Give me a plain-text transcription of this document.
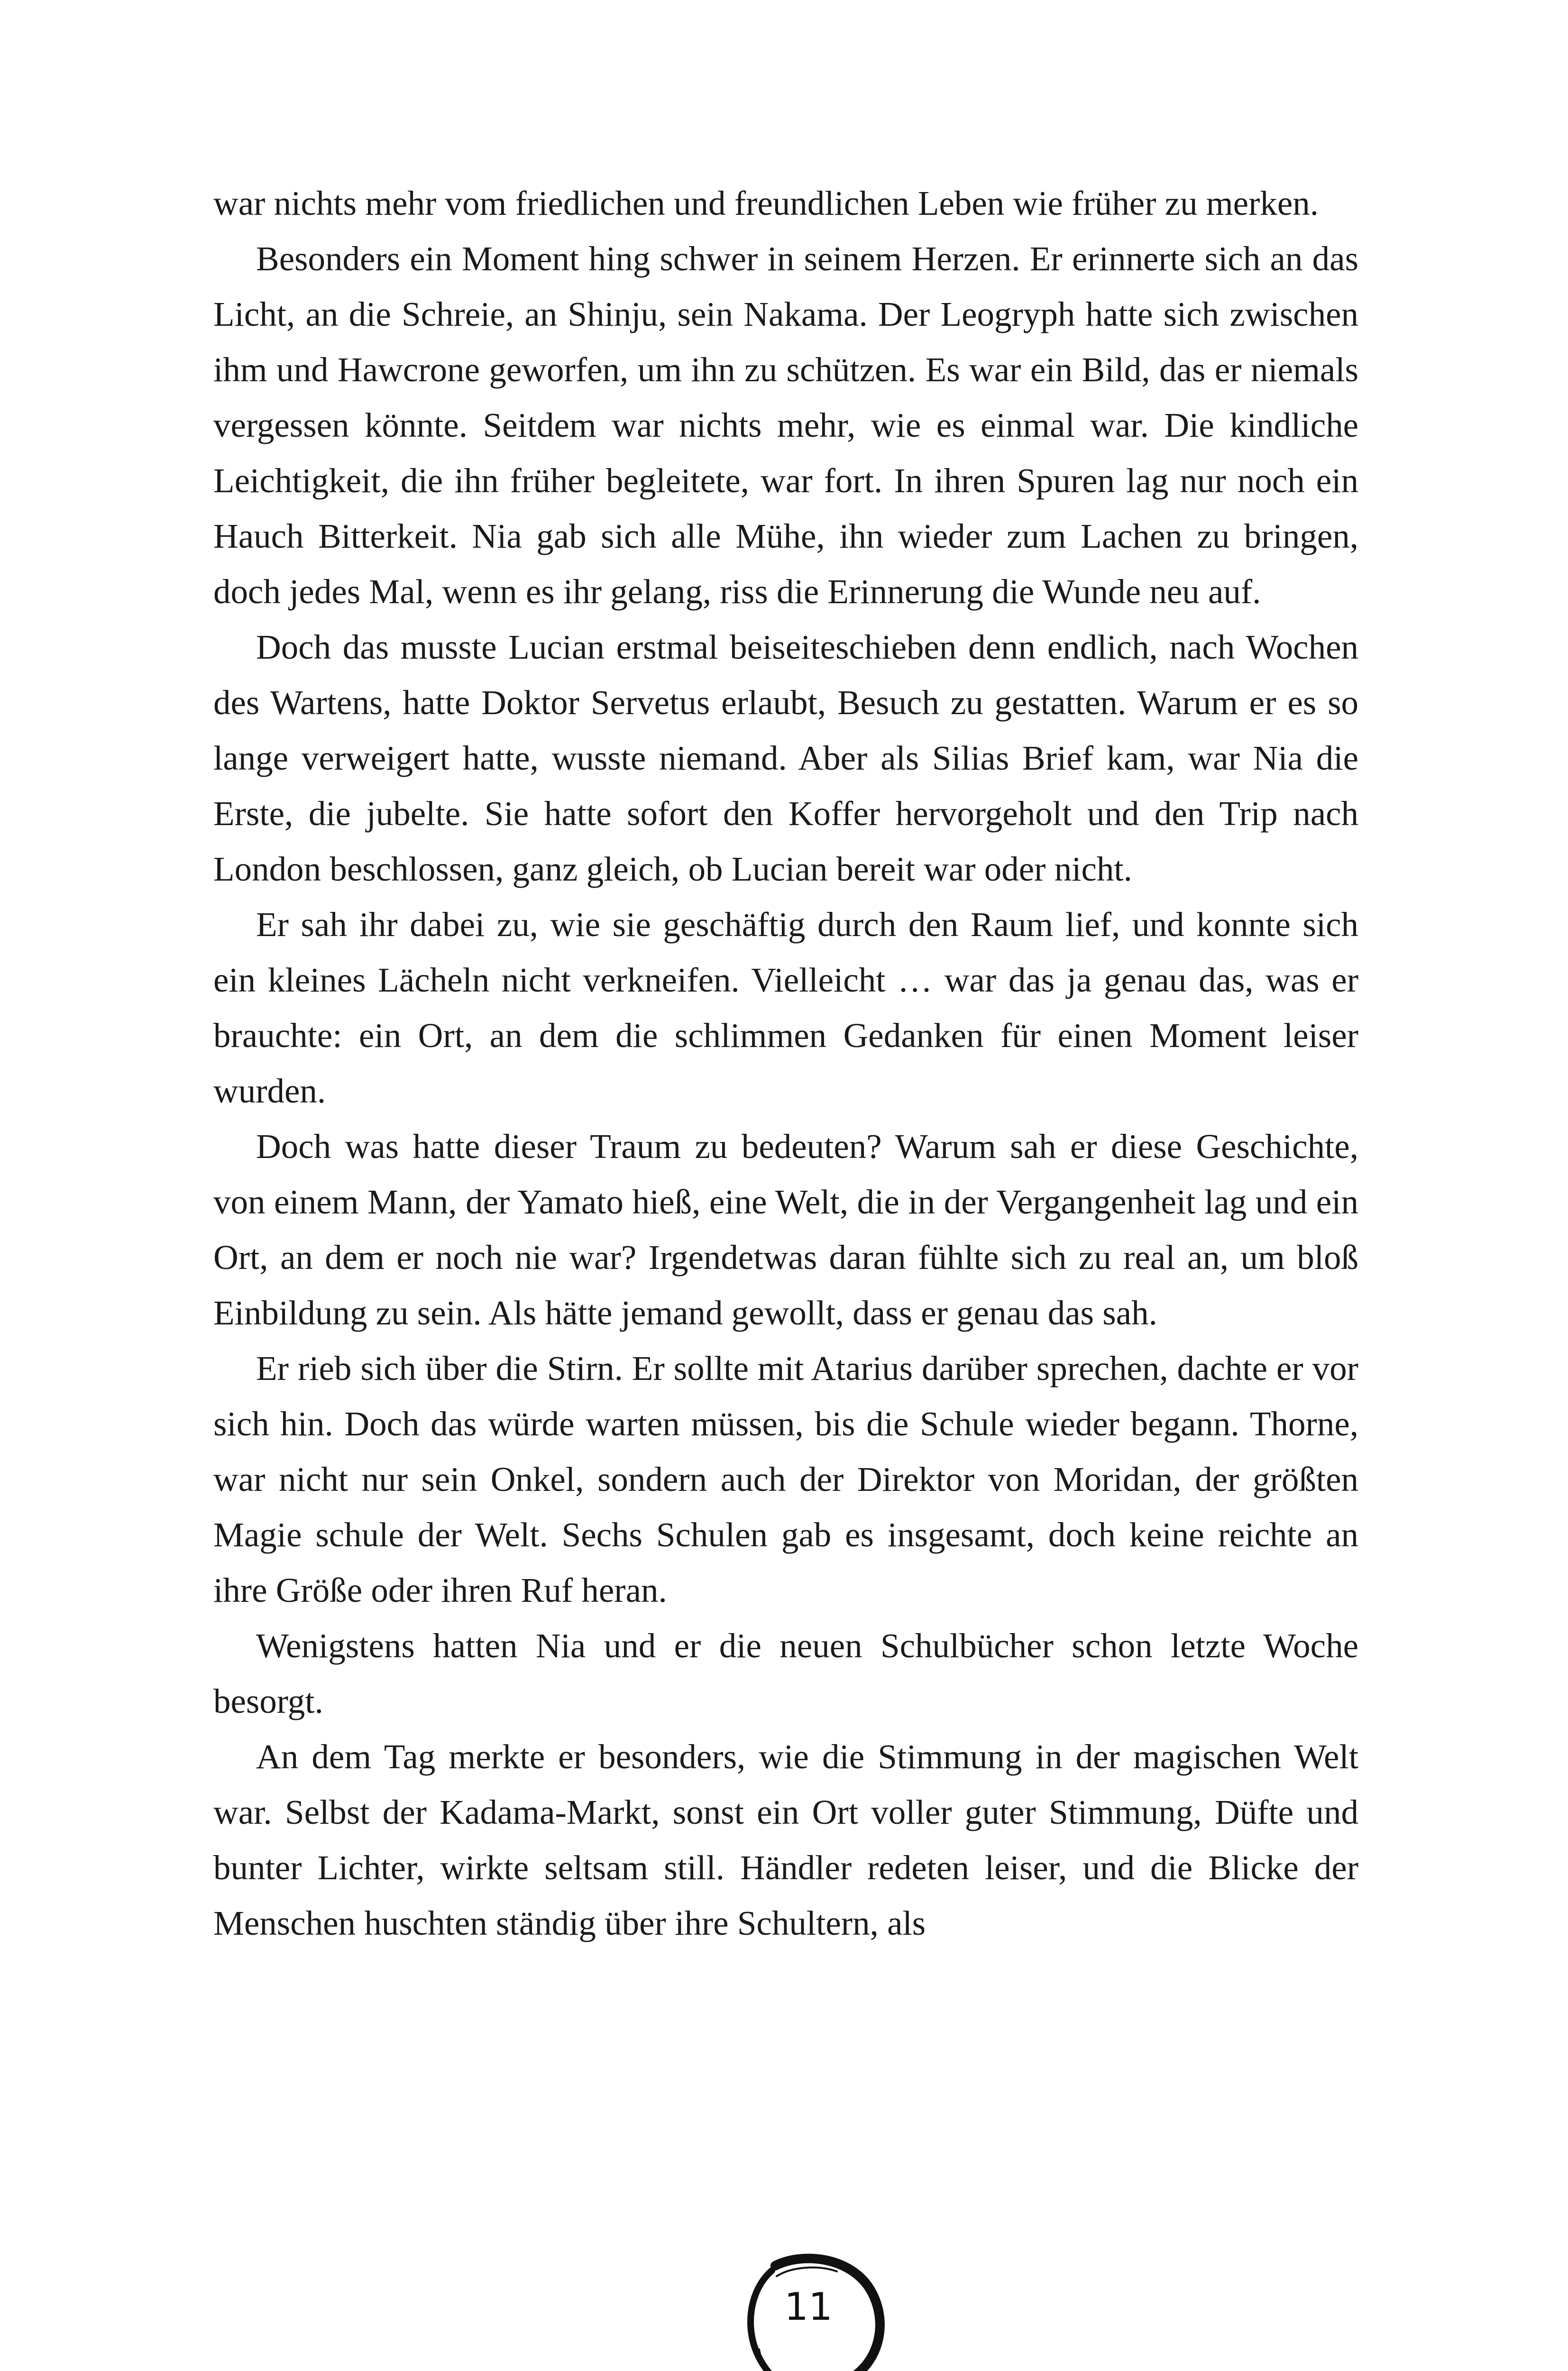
war nichts mehr vom friedlichen und freundlichen Leben wie früher zu merken.

Besonders ein Moment hing schwer in seinem Herzen. Er erinnerte sich an das Licht, an die Schreie, an Shinju, sein Nakama. Der Leogryph hatte sich zwischen ihm und Hawcrone geworfen, um ihn zu schützen. Es war ein Bild, das er niemals vergessen könnte. Seitdem war nichts mehr, wie es einmal war. Die kindliche Leichtigkeit, die ihn früher begleitete, war fort. In ihren Spuren lag nur noch ein Hauch Bitterkeit. Nia gab sich alle Mühe, ihn wieder zum Lachen zu bringen, doch jedes Mal, wenn es ihr gelang, riss die Erinnerung die Wunde neu auf.

Doch das musste Lucian erstmal beiseiteschieben denn endlich, nach Wochen des Wartens, hatte Doktor Servetus erlaubt, Besuch zu gestatten. Warum er es so lange verweigert hatte, wusste niemand. Aber als Silias Brief kam, war Nia die Erste, die jubelte. Sie hatte sofort den Koffer hervorgeholt und den Trip nach London beschlossen, ganz gleich, ob Lucian bereit war oder nicht.

Er sah ihr dabei zu, wie sie geschäftig durch den Raum lief, und konnte sich ein kleines Lächeln nicht verkneifen. Vielleicht … war das ja genau das, was er brauchte: ein Ort, an dem die schlimmen Gedanken für einen Moment leiser wurden.

Doch was hatte dieser Traum zu bedeuten? Warum sah er diese Geschichte, von einem Mann, der Yamato hieß, eine Welt, die in der Vergangenheit lag und ein Ort, an dem er noch nie war? Irgendetwas daran fühlte sich zu real an, um bloß Einbildung zu sein. Als hätte jemand gewollt, dass er genau das sah.

Er rieb sich über die Stirn. Er sollte mit Atarius darüber sprechen, dachte er vor sich hin. Doch das würde warten müssen, bis die Schule wieder begann. Thorne, war nicht nur sein Onkel, sondern auch der Direktor von Moridan, der größten Magie schule der Welt. Sechs Schulen gab es insgesamt, doch keine reichte an ihre Größe oder ihren Ruf heran.

Wenigstens hatten Nia und er die neuen Schulbücher schon letzte Woche besorgt.

An dem Tag merkte er besonders, wie die Stimmung in der magischen Welt war. Selbst der Kadama-Markt, sonst ein Ort voller guter Stimmung, Düfte und bunter Lichter, wirkte seltsam still. Händler redeten leiser, und die Blicke der Menschen huschten ständig über ihre Schultern, als

11
